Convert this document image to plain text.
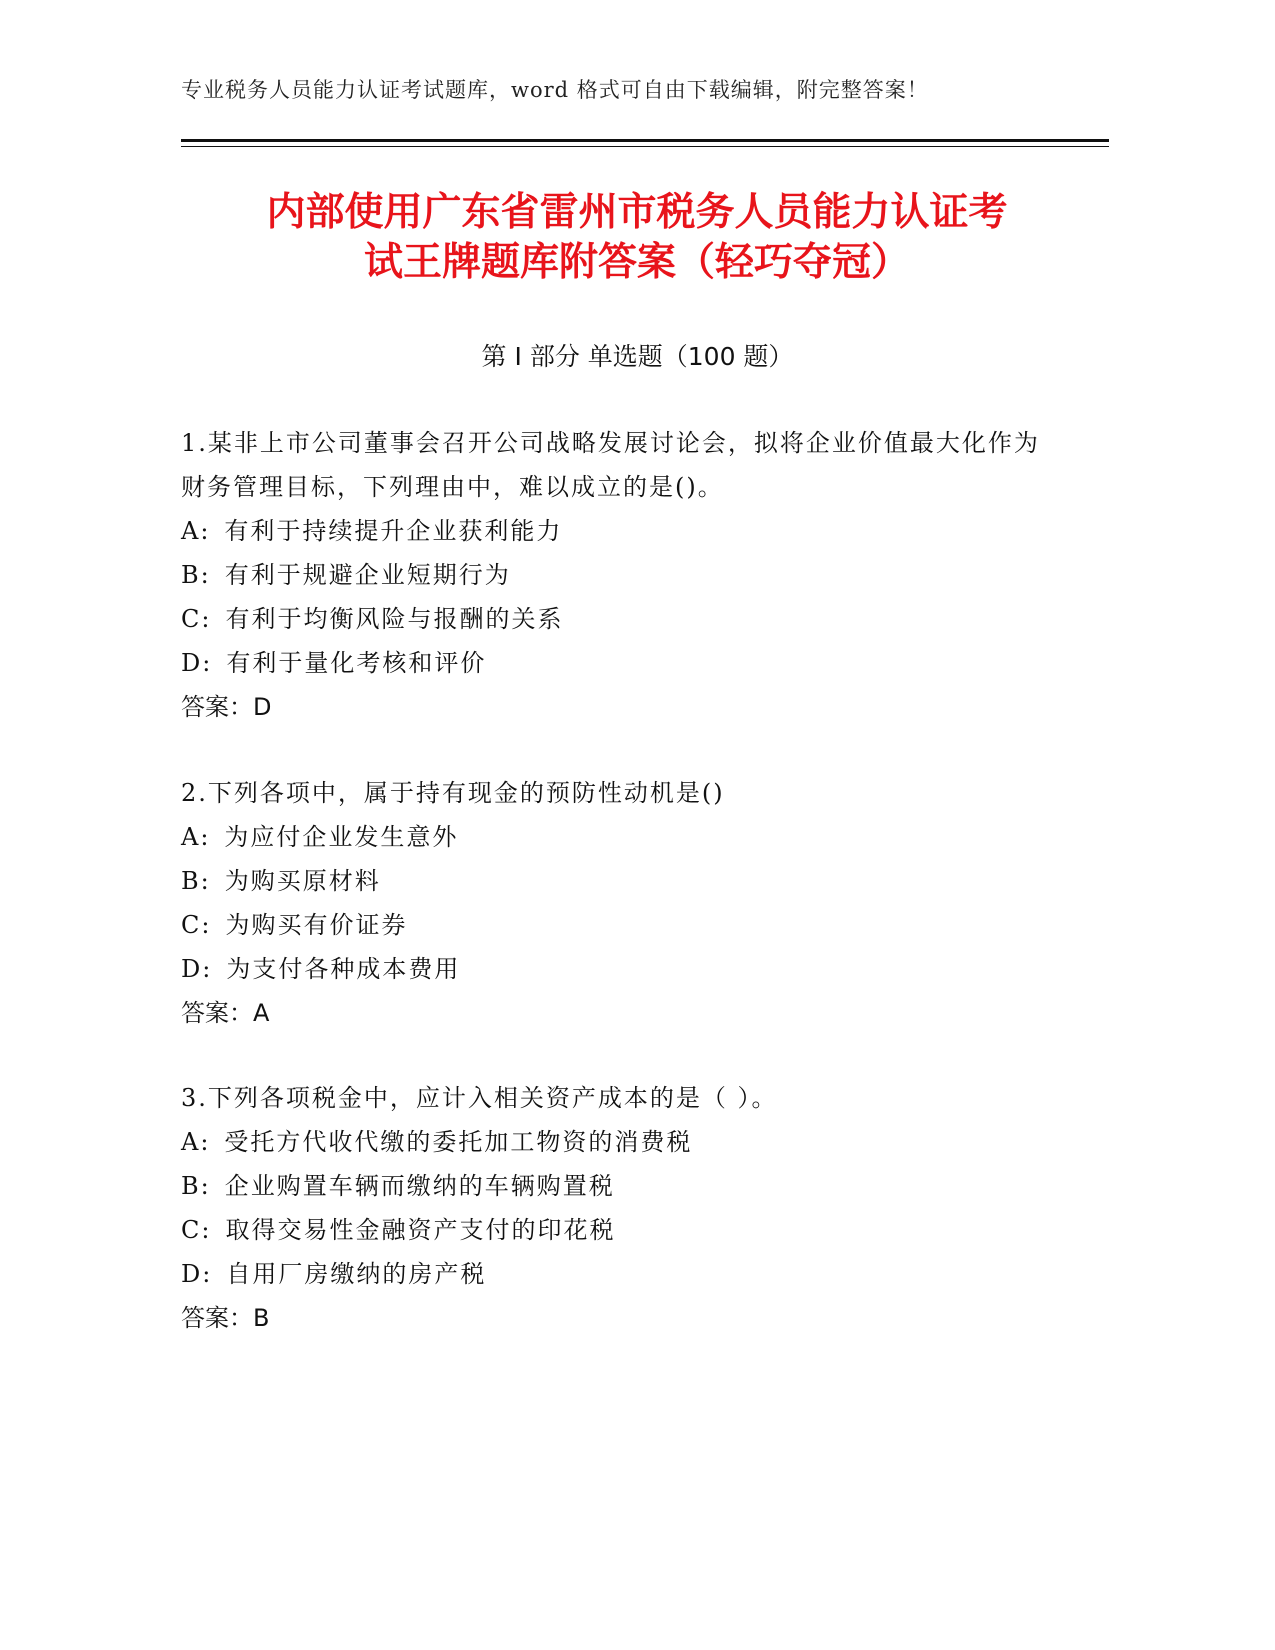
专业税务人员能力认证考试题库，word 格式可自由下载编辑，附完整答案！
内部使用广东省雷州市税务人员能力认证考
试王牌题库附答案（轻巧夺冠）
第 I 部分 单选题（100 题）

1.某非上市公司董事会召开公司战略发展讨论会，拟将企业价值最大化作为财务管理目标，下列理由中，难以成立的是()。

A: 有利于持续提升企业获利能力

B: 有利于规避企业短期行为

C: 有利于均衡风险与报酬的关系

D: 有利于量化考核和评价

答案：D

2.下列各项中，属于持有现金的预防性动机是()

A: 为应付企业发生意外

B: 为购买原材料

C: 为购买有价证券

D: 为支付各种成本费用

答案：A

3.下列各项税金中，应计入相关资产成本的是（ ）。

A: 受托方代收代缴的委托加工物资的消费税

B: 企业购置车辆而缴纳的车辆购置税

C: 取得交易性金融资产支付的印花税

D: 自用厂房缴纳的房产税

答案：B
